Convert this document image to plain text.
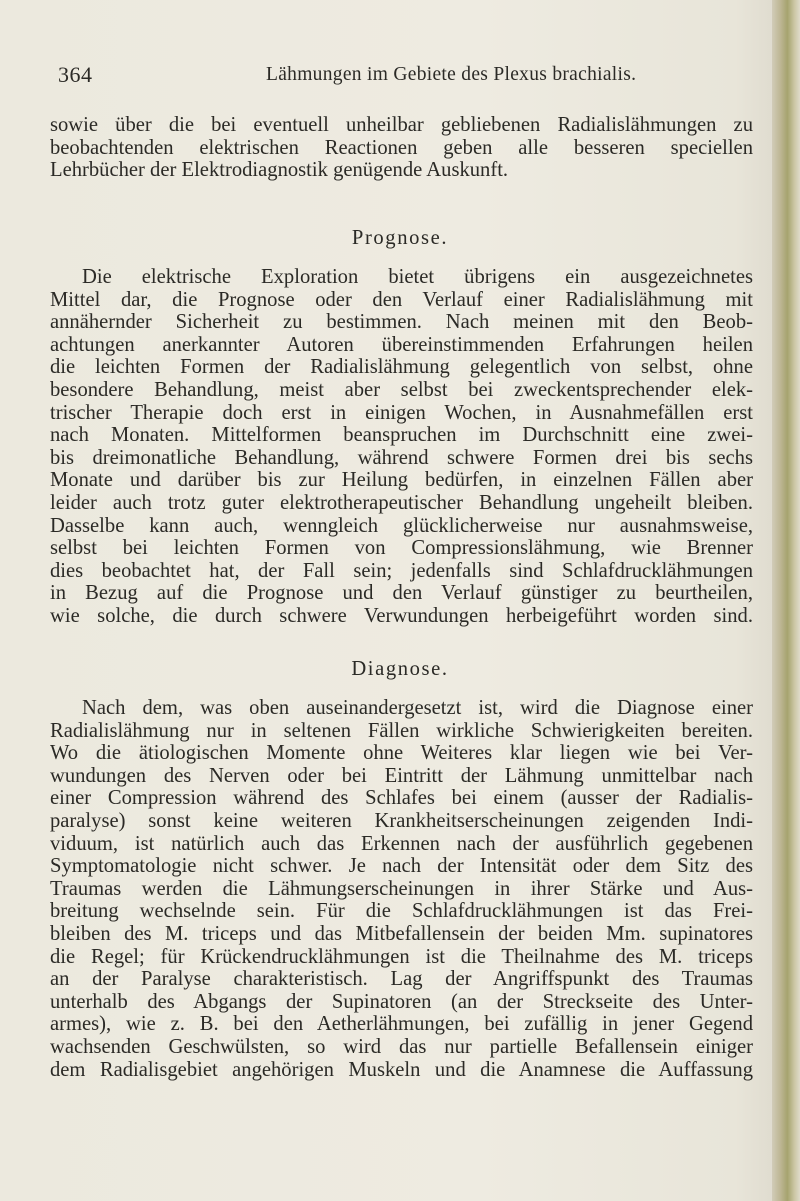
364	Lähmungen im Gebiete des Plexus brachialis.
sowie über die bei eventuell unheilbar gebliebenen Radialislähmungen zu
beobachtenden elektrischen Reactionen geben alle besseren speciellen
Lehrbücher der Elektrodiagnostik genügende Auskunft.
Prognose.
Die elektrische Exploration bietet übrigens ein ausgezeichnetes
Mittel dar, die Prognose oder den Verlauf einer Radialislähmung mit
annähernder Sicherheit zu bestimmen. Nach meinen mit den Beob-
achtungen anerkannter Autoren übereinstimmenden Erfahrungen heilen
die leichten Formen der Radialislähmung gelegentlich von selbst, ohne
besondere Behandlung, meist aber selbst bei zweckentsprechender elek-
trischer Therapie doch erst in einigen Wochen, in Ausnahmefällen erst
nach Monaten. Mittelformen beanspruchen im Durchschnitt eine zwei-
bis dreimonatliche Behandlung, während schwere Formen drei bis sechs
Monate und darüber bis zur Heilung bedürfen, in einzelnen Fällen aber
leider auch trotz guter elektrotherapeutischer Behandlung ungeheilt bleiben.
Dasselbe kann auch, wenngleich glücklicherweise nur ausnahmsweise,
selbst bei leichten Formen von Compressionslähmung, wie Brenner
dies beobachtet hat, der Fall sein; jedenfalls sind Schlafdrucklähmungen
in Bezug auf die Prognose und den Verlauf günstiger zu beurtheilen,
wie solche, die durch schwere Verwundungen herbeigeführt worden sind.
Diagnose.
Nach dem, was oben auseinandergesetzt ist, wird die Diagnose einer
Radialislähmung nur in seltenen Fällen wirkliche Schwierigkeiten bereiten.
Wo die ätiologischen Momente ohne Weiteres klar liegen wie bei Ver-
wundungen des Nerven oder bei Eintritt der Lähmung unmittelbar nach
einer Compression während des Schlafes bei einem (ausser der Radialis-
paralyse) sonst keine weiteren Krankheitserscheinungen zeigenden Indi-
viduum, ist natürlich auch das Erkennen nach der ausführlich gegebenen
Symptomatologie nicht schwer. Je nach der Intensität oder dem Sitz des
Traumas werden die Lähmungserscheinungen in ihrer Stärke und Aus-
breitung wechselnde sein. Für die Schlafdrucklähmungen ist das Frei-
bleiben des M. triceps und das Mitbefallensein der beiden Mm. supinatores
die Regel; für Krückendrucklähmungen ist die Theilnahme des M. triceps
an der Paralyse charakteristisch. Lag der Angriffspunkt des Traumas
unterhalb des Abgangs der Supinatoren (an der Streckseite des Unter-
armes), wie z. B. bei den Aetherlähmungen, bei zufällig in jener Gegend
wachsenden Geschwülsten, so wird das nur partielle Befallensein einiger
dem Radialisgebiet angehörigen Muskeln und die Anamnese die Auffassung
